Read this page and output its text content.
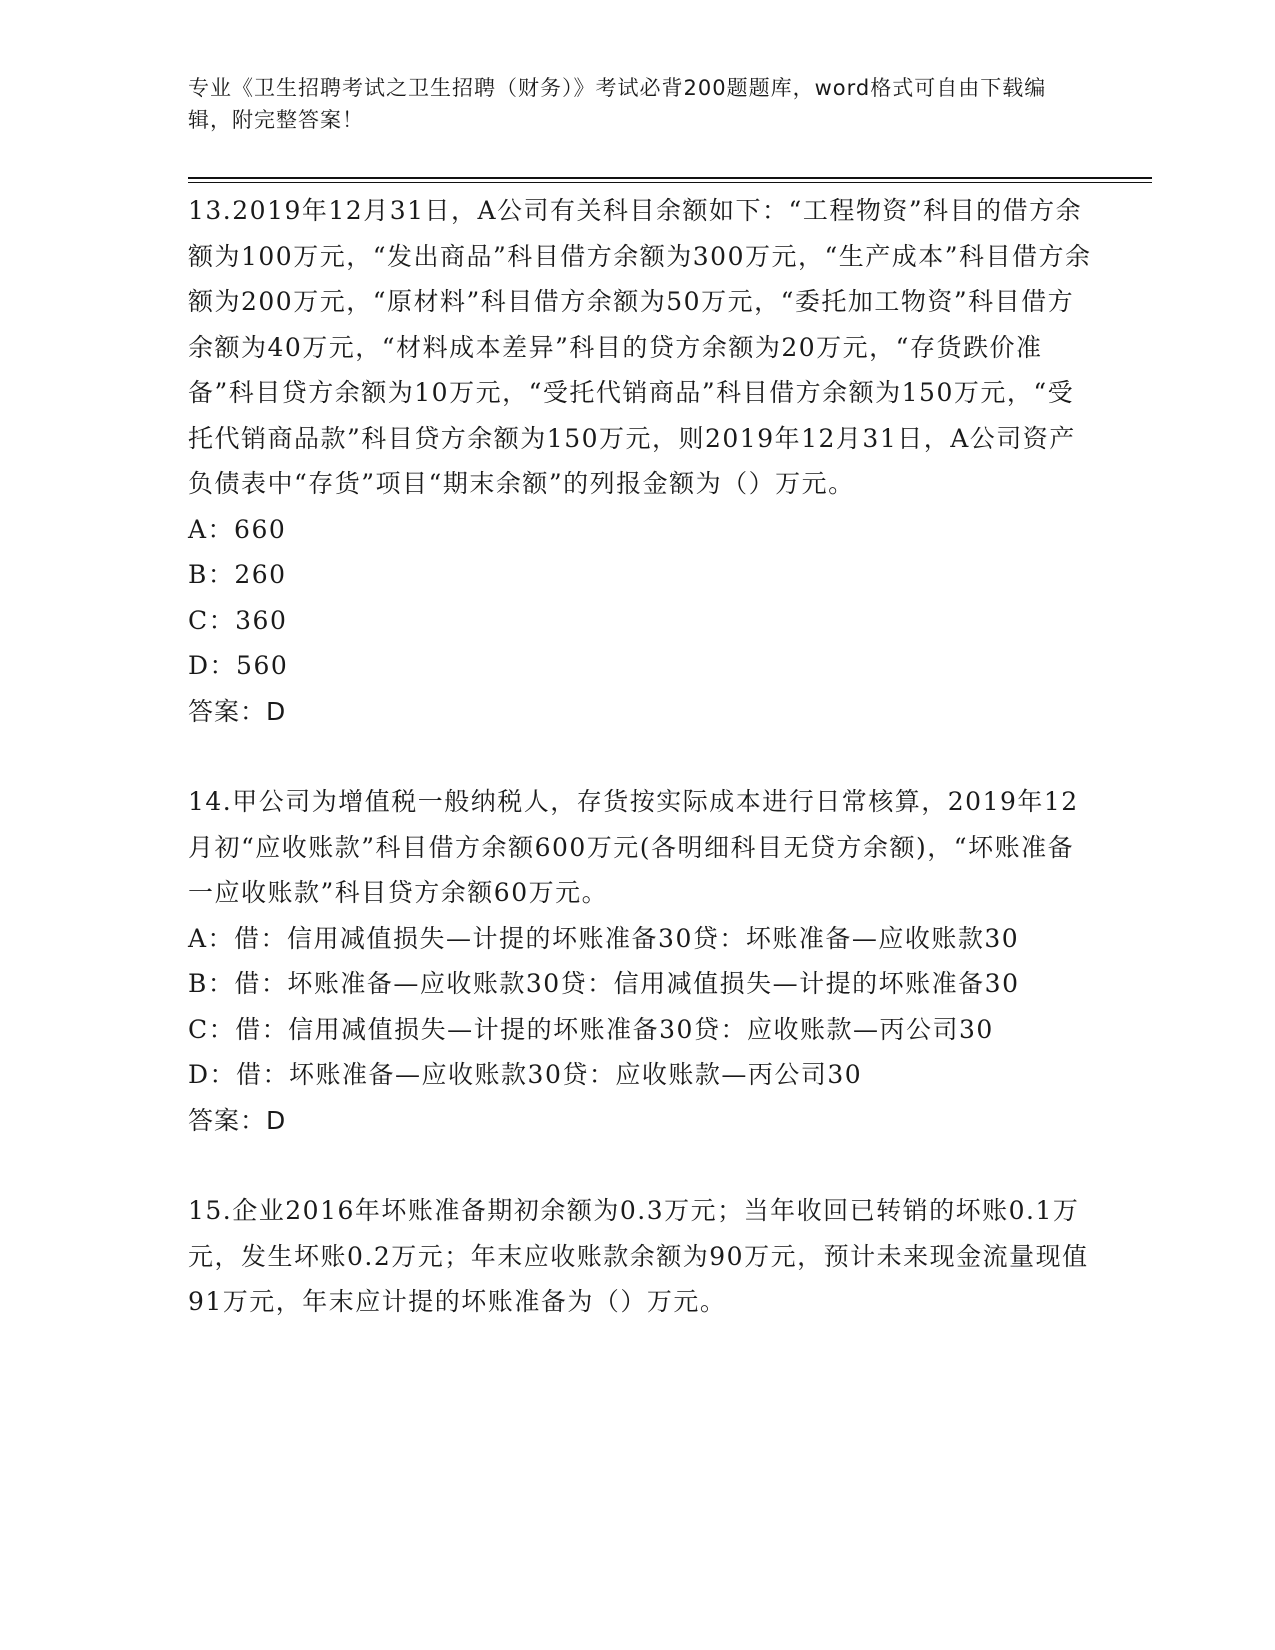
专业《卫生招聘考试之卫生招聘（财务）》考试必背200题题库，word格式可自由下载编辑，附完整答案！

13.2019年12月31日，A公司有关科目余额如下：“工程物资”科目的借方余额为100万元，“发出商品”科目借方余额为300万元，“生产成本”科目借方余额为200万元，“原材料”科目借方余额为50万元，“委托加工物资”科目借方余额为40万元，“材料成本差异”科目的贷方余额为20万元，“存货跌价准备”科目贷方余额为10万元，“受托代销商品”科目借方余额为150万元，“受托代销商品款”科目贷方余额为150万元，则2019年12月31日，A公司资产负债表中“存货”项目“期末余额”的列报金额为（）万元。

A：660

B：260

C：360

D：560

答案：D

14.甲公司为增值税一般纳税人，存货按实际成本进行日常核算，2019年12月初“应收账款”科目借方余额600万元(各明细科目无贷方余额)，“坏账准备一应收账款”科目贷方余额60万元。

A：借：信用减值损失—计提的坏账准备30贷：坏账准备—应收账款30

B：借：坏账准备—应收账款30贷：信用减值损失—计提的坏账准备30

C：借：信用减值损失—计提的坏账准备30贷：应收账款—丙公司30

D：借：坏账准备—应收账款30贷：应收账款—丙公司30

答案：D

15.企业2016年坏账准备期初余额为0.3万元；当年收回已转销的坏账0.1万元，发生坏账0.2万元；年末应收账款余额为90万元，预计未来现金流量现值91万元，年末应计提的坏账准备为（）万元。
